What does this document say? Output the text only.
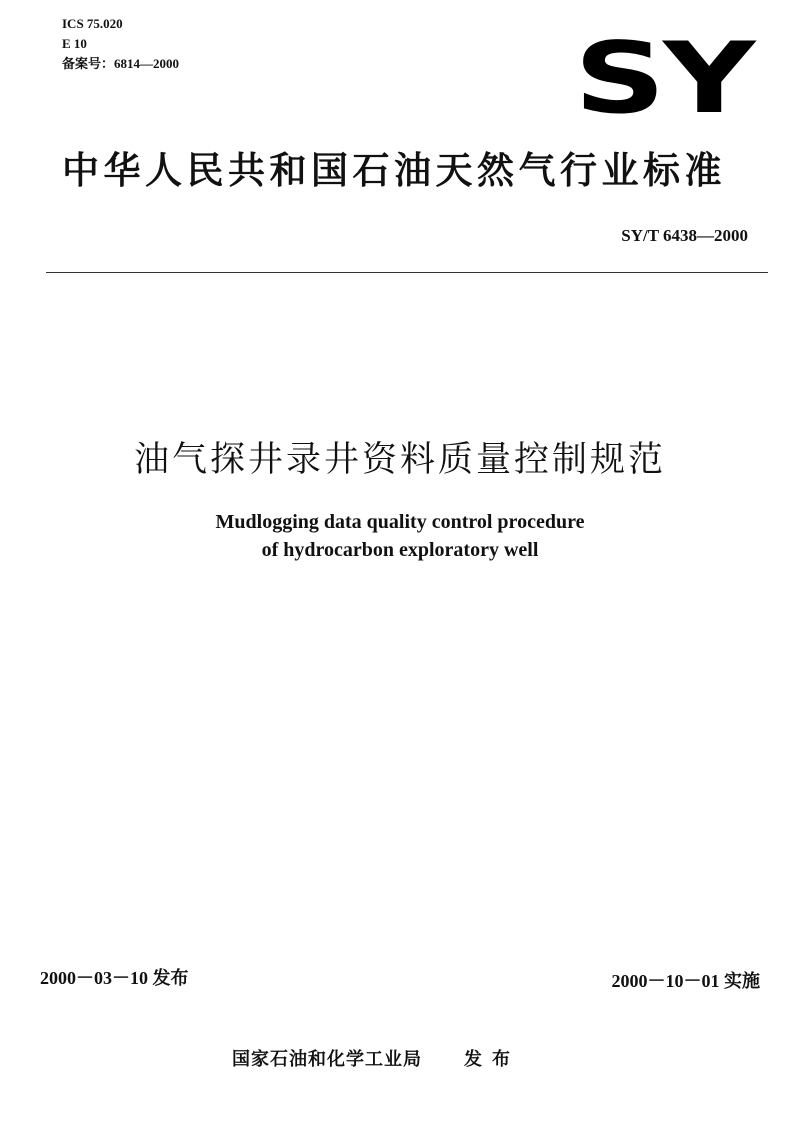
ICS 75.020
E 10
备案号：6814—2000	SY
中华人民共和国石油天然气行业标准
SY/T 6438—2000
油气探井录井资料质量控制规范
Mudlogging data quality control procedure
of hydrocarbon exploratory well
2000－03－10 发布	2000－10－01 实施
国家石油和化学工业局 发布
